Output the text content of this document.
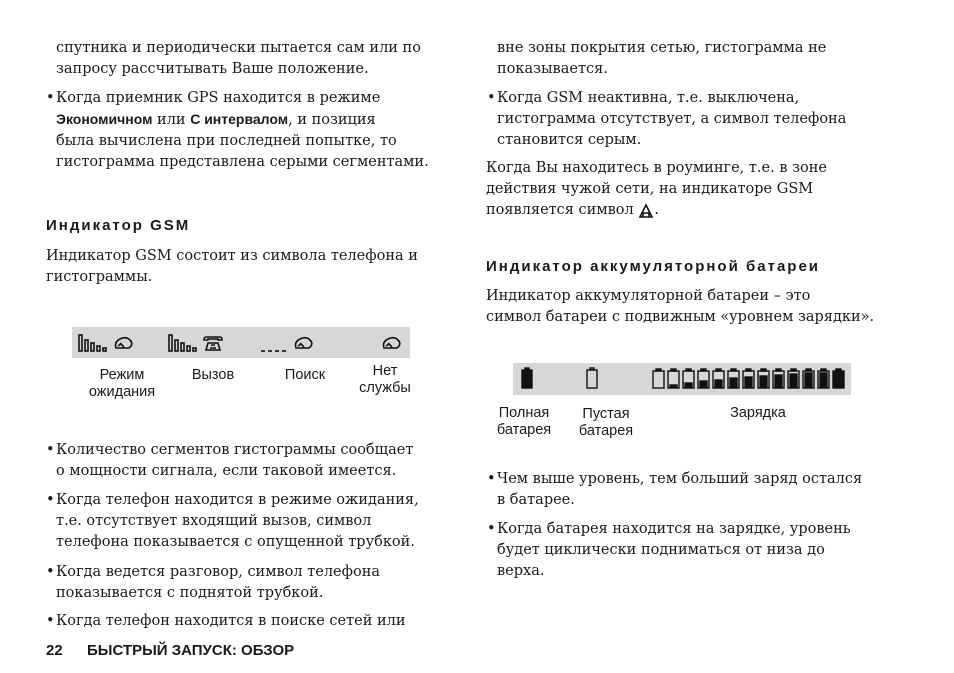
спутника и периодически пытается сам или по
запросу рассчитывать Ваше положение.
• Когда приемник GPS находится в режиме
Экономичном или С интервалом, и позиция
была вычислена при последней попытке, то
гистограмма представлена серыми сегментами.
Индикатор GSM
Индикатор GSM состоит из символа телефона и
гистограммы.
Режим
ожидания
Вызов	Поиск	Нет
службы
• Количество сегментов гистограммы сообщает
о мощности сигнала, если таковой имеется.
• Когда телефон находится в режиме ожидания,
т.е. отсутствует входящий вызов, символ
телефона показывается с опущенной трубкой.
• Когда ведется разговор, символ телефона
показывается с поднятой трубкой.
• Когда телефон находится в поиске сетей или
вне зоны покрытия сетью, гистограмма не
показывается.
• Когда GSM неактивна, т.е. выключена,
гистограмма отсутствует, а символ телефона
становится серым.
Когда Вы находитесь в роуминге, т.е. в зоне
действия чужой сети, на индикаторе GSM
появляется символ .
Индикатор аккумуляторной батареи
Индикатор аккумуляторной батареи – это
символ батареи с подвижным «уровнем зарядки».
Полная
батарея
Пустая
батарея
Зарядка
• Чем выше уровень, тем больший заряд остался
в батарее.
• Когда батарея находится на зарядке, уровень
будет циклически подниматься от низа до
верха.
22 БЫСТРЫЙ ЗАПУСК: ОБЗОР
